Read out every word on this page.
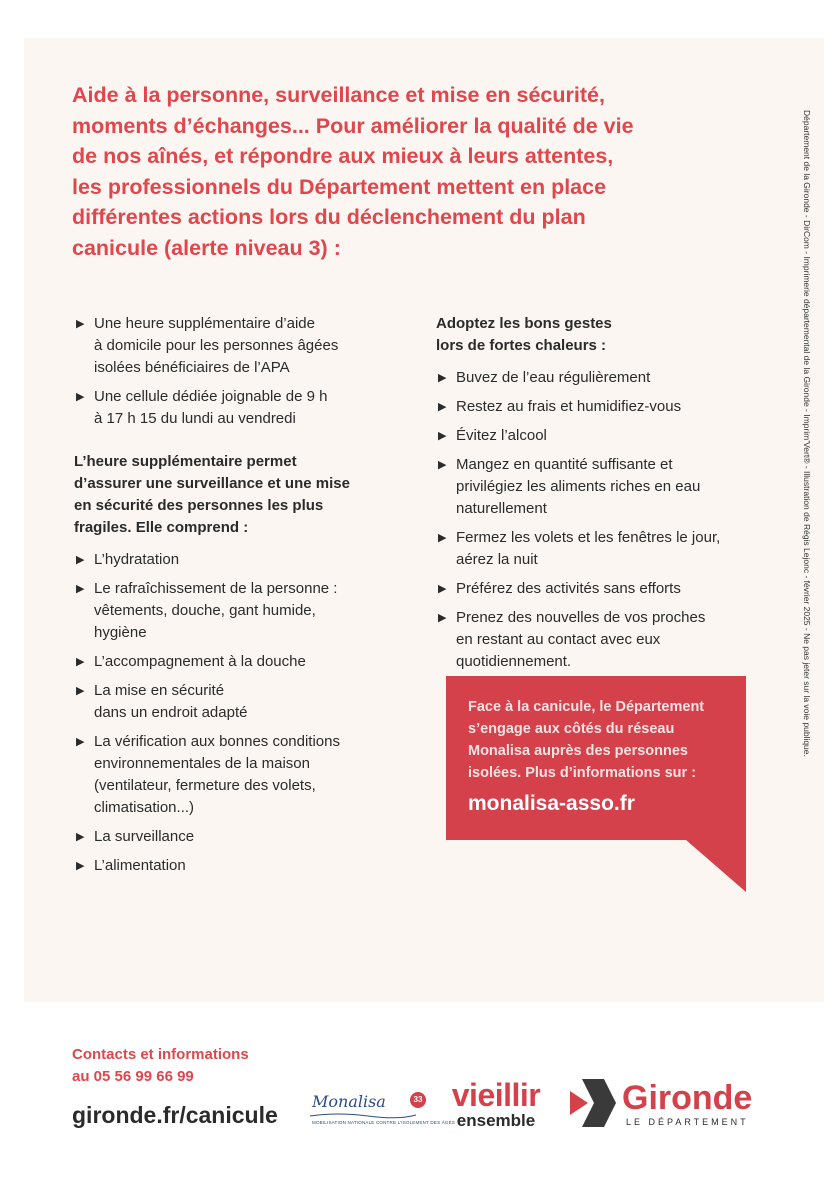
Aide à la personne, surveillance et mise en sécurité,
moments d’échanges... Pour améliorer la qualité de vie
de nos aînés, et répondre aux mieux à leurs attentes,
les professionnels du Département mettent en place
différentes actions lors du déclenchement du plan
canicule (alerte niveau 3) :

▶ Une heure supplémentaire d’aide
à domicile pour les personnes âgées
isolées bénéficiaires de l’APA
▶ Une cellule dédiée joignable de 9 h
à 17 h 15 du lundi au vendredi
L’heure supplémentaire permet
d’assurer une surveillance et une mise
en sécurité des personnes les plus
fragiles. Elle comprend :
▶ L’hydratation
▶ Le rafraîchissement de la personne :
vêtements, douche, gant humide,
hygiène
▶ L’accompagnement à la douche
▶ La mise en sécurité
dans un endroit adapté
▶ La vérification aux bonnes conditions
environnementales de la maison
(ventilateur, fermeture des volets,
climatisation...)
▶ La surveillance
▶ L’alimentation
Adoptez les bons gestes
lors de fortes chaleurs :
▶ Buvez de l’eau régulièrement
▶ Restez au frais et humidifiez-vous
▶ Évitez l’alcool
▶ Mangez en quantité suffisante et
privilégiez les aliments riches en eau
naturellement
▶ Fermez les volets et les fenêtres le jour,
aérez la nuit
▶ Préférez des activités sans efforts
▶ Prenez des nouvelles de vos proches
en restant au contact avec eux
quotidiennement.
Face à la canicule, le Département
s’engage aux côtés du réseau
Monalisa auprès des personnes
isolées. Plus d’informations sur :
monalisa-asso.fr
Département de la Gironde - DirCom - Imprimerie départemental de la Gironde - Imprim’Vert® - Illustration de Régis Lejonc - février 2025 - Ne pas jeter sur la voie publique.
Contacts et informations
au 05 56 99 66 99
gironde.fr/canicule
Monalisa	33
MOBILISATION NATIONALE CONTRE L’ISOLEMENT DES ÂGÉS
vieillir
ensemble
Gironde
LE DÉPARTEMENT
